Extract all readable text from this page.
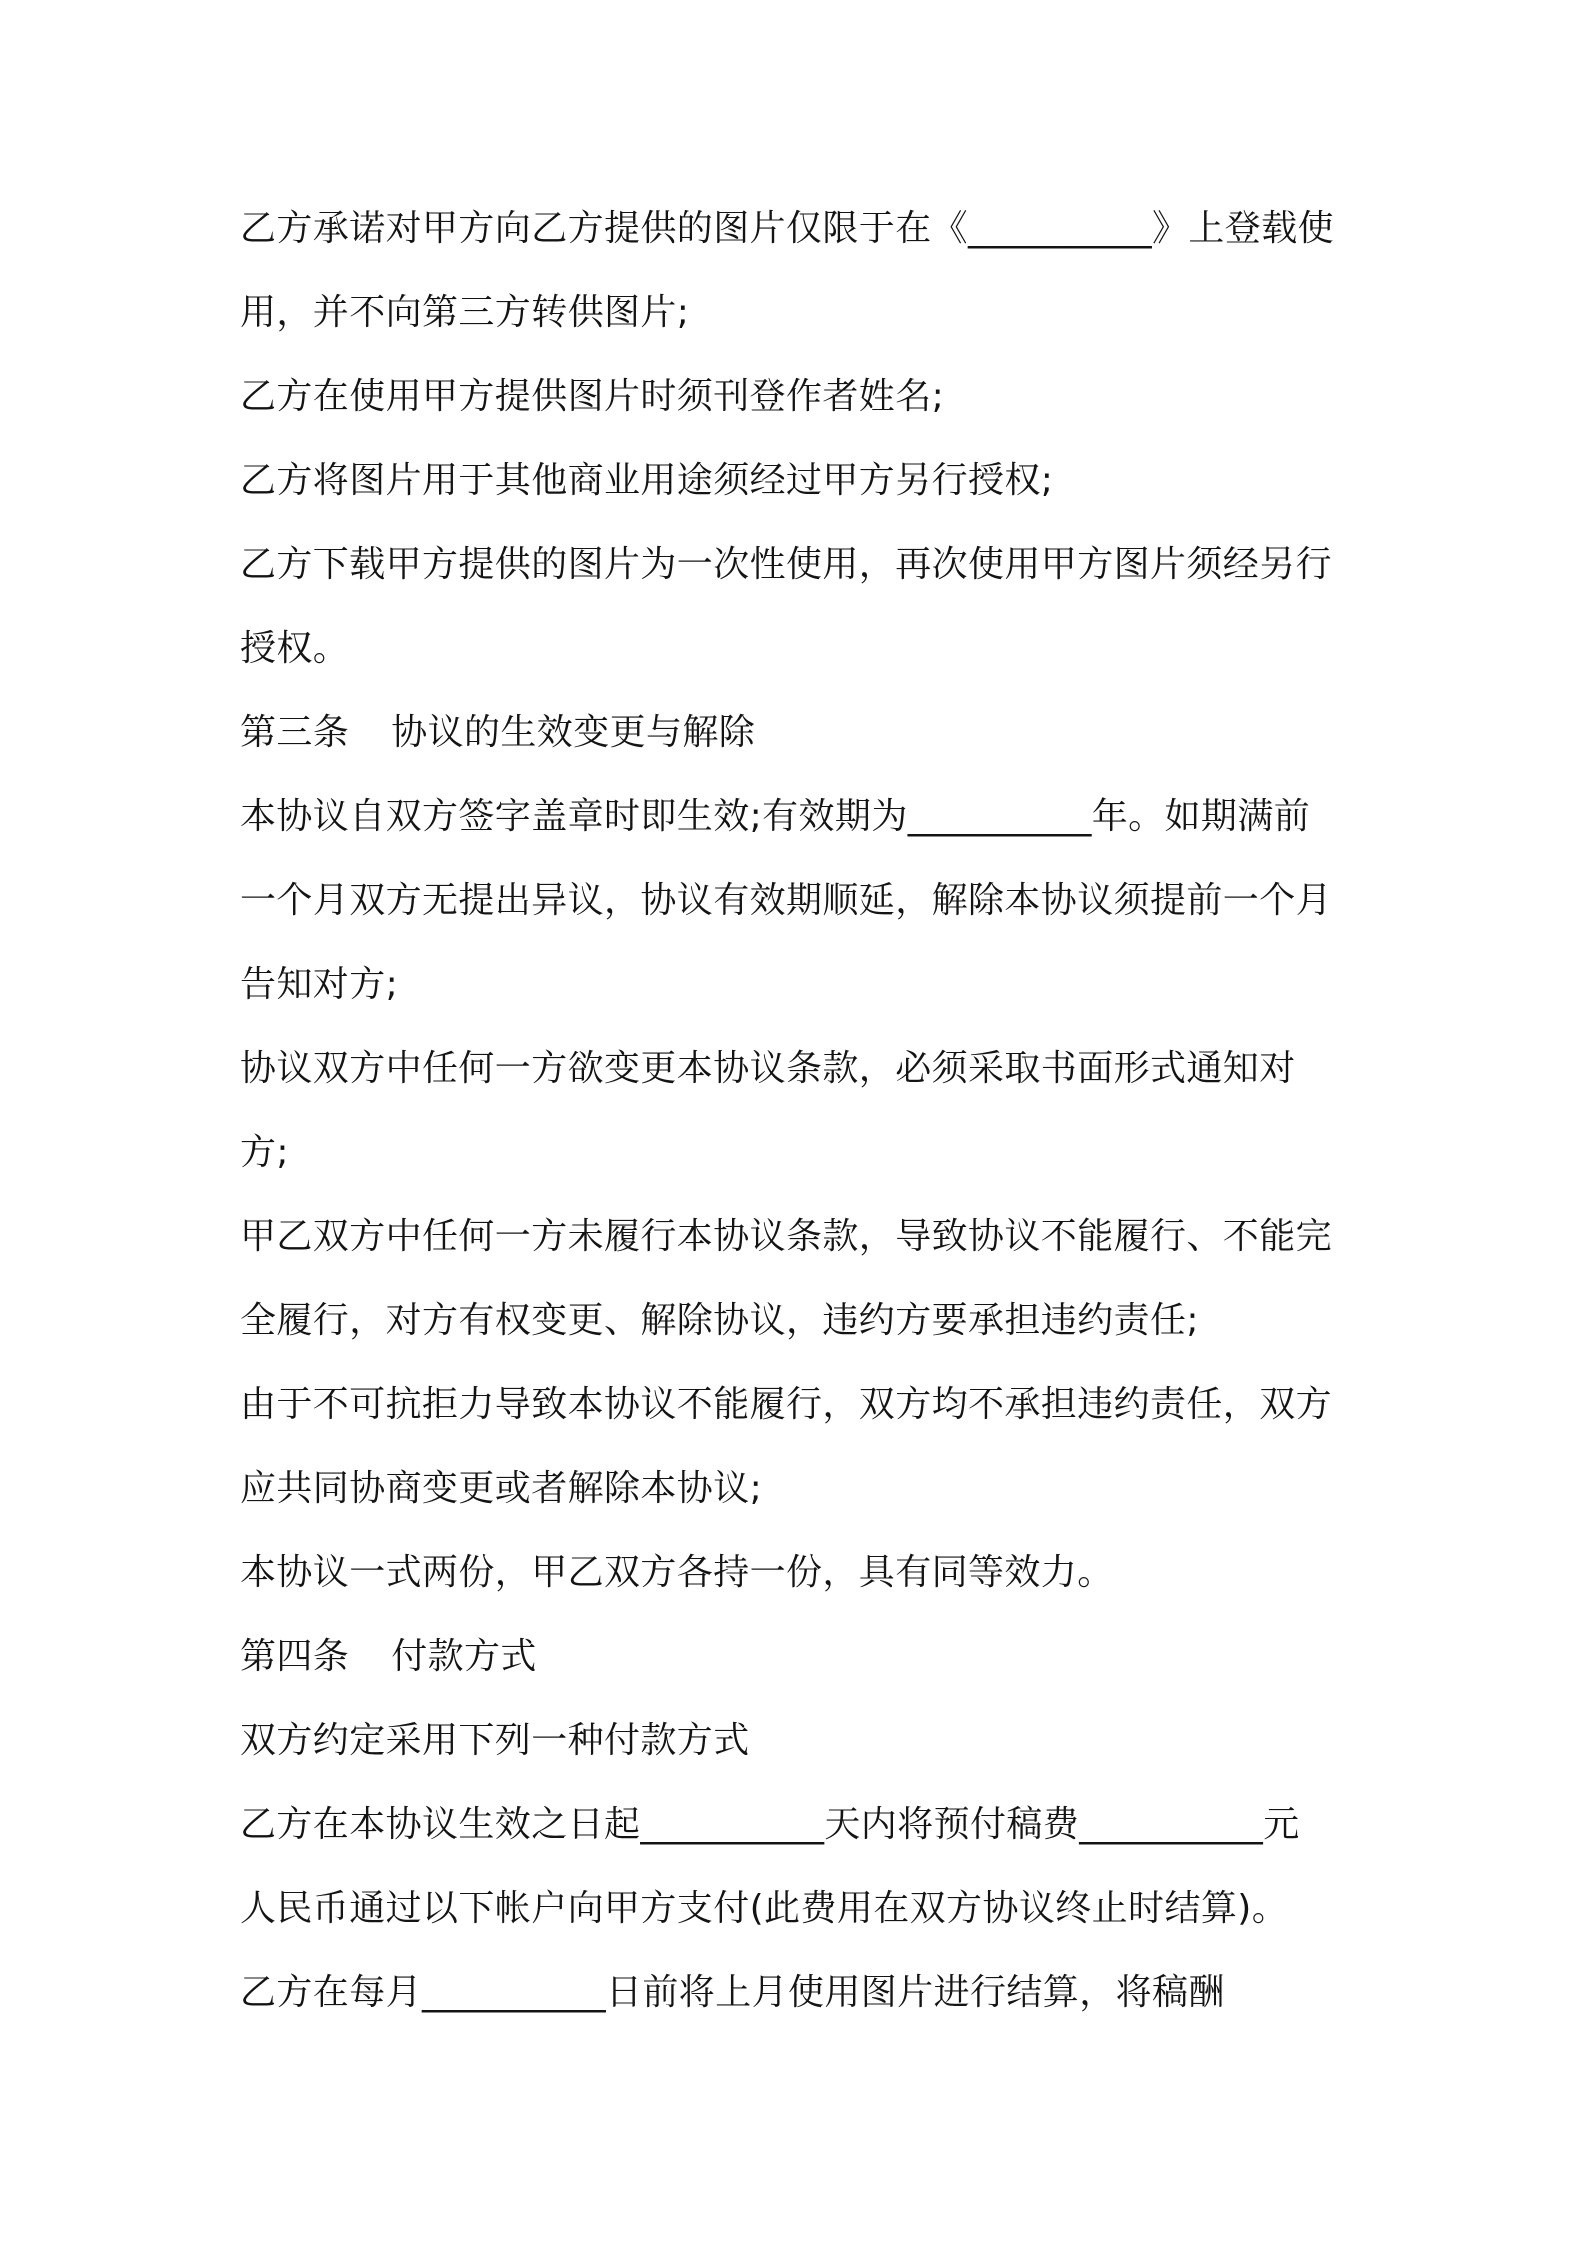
乙方承诺对甲方向乙方提供的图片仅限于在《__________》上登载使
用，并不向第三方转供图片;
乙方在使用甲方提供图片时须刊登作者姓名;
乙方将图片用于其他商业用途须经过甲方另行授权;
乙方下载甲方提供的图片为一次性使用，再次使用甲方图片须经另行
授权。
第三条 协议的生效变更与解除
本协议自双方签字盖章时即生效;有效期为__________年。如期满前
一个月双方无提出异议，协议有效期顺延，解除本协议须提前一个月
告知对方;
协议双方中任何一方欲变更本协议条款，必须采取书面形式通知对
方;
甲乙双方中任何一方未履行本协议条款，导致协议不能履行、不能完
全履行，对方有权变更、解除协议，违约方要承担违约责任;
由于不可抗拒力导致本协议不能履行，双方均不承担违约责任，双方
应共同协商变更或者解除本协议;
本协议一式两份，甲乙双方各持一份，具有同等效力。
第四条 付款方式
双方约定采用下列一种付款方式
乙方在本协议生效之日起__________天内将预付稿费__________元
人民币通过以下帐户向甲方支付(此费用在双方协议终止时结算)。
乙方在每月__________日前将上月使用图片进行结算，将稿酬
